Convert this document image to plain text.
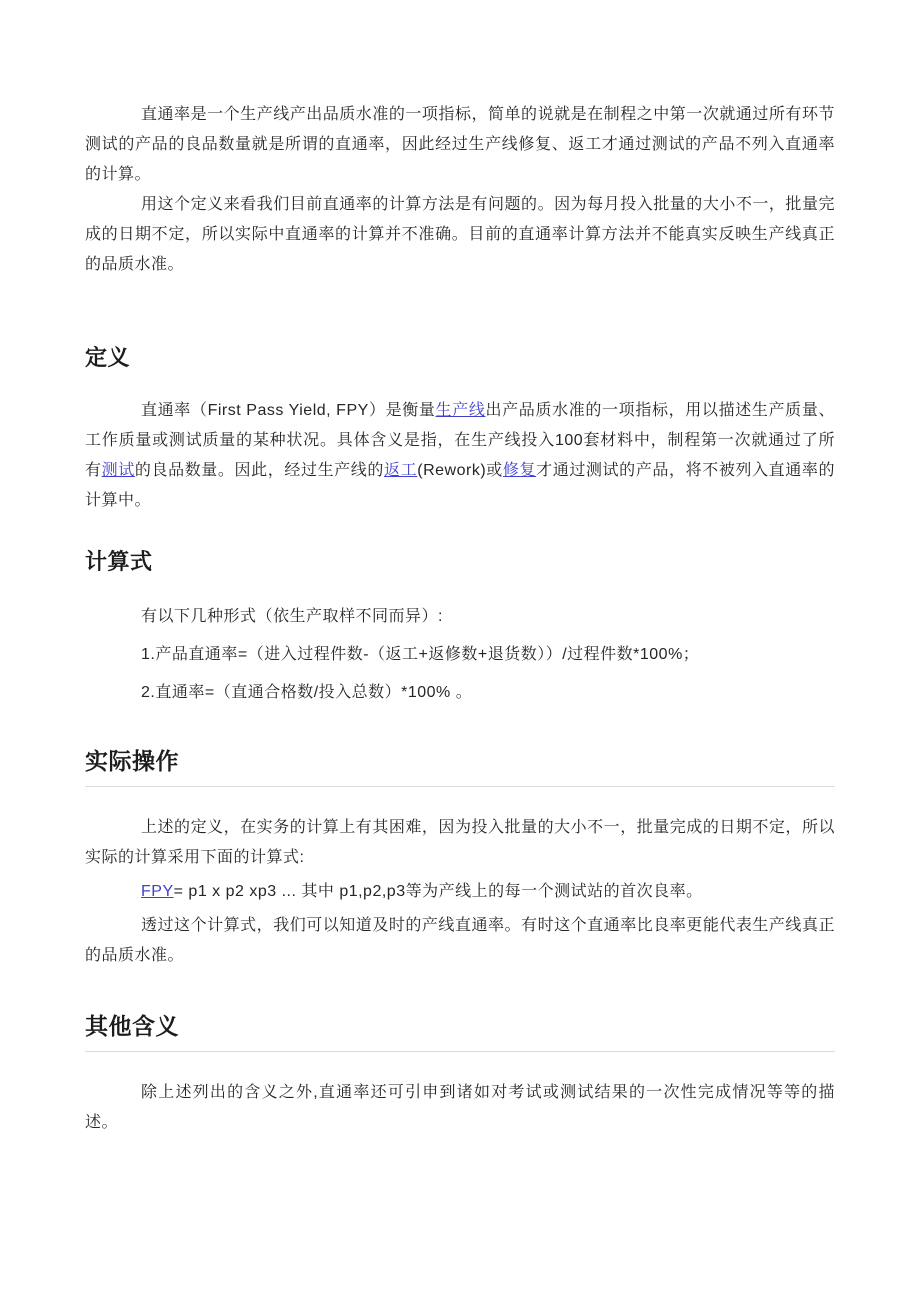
直通率是一个生产线产出品质水准的一项指标，简单的说就是在制程之中第一次就通过所有环节测试的产品的良品数量就是所谓的直通率，因此经过生产线修复、返工才通过测试的产品不列入直通率的计算。

用这个定义来看我们目前直通率的计算方法是有问题的。因为每月投入批量的大小不一，批量完成的日期不定，所以实际中直通率的计算并不准确。目前的直通率计算方法并不能真实反映生产线真正的品质水准。

定义

直通率（First Pass Yield, FPY）是衡量生产线出产品质水准的一项指标，用以描述生产质量、工作质量或测试质量的某种状况。具体含义是指，在生产线投入100套材料中，制程第一次就通过了所有测试的良品数量。因此，经过生产线的返工(Rework)或修复才通过测试的产品，将不被列入直通率的计算中。

计算式

有以下几种形式（依生产取样不同而异）:

1.产品直通率=（进入过程件数-（返工+返修数+退货数））/过程件数*100%；

2.直通率=（直通合格数/投入总数）*100% 。

实际操作

上述的定义，在实务的计算上有其困难，因为投入批量的大小不一，批量完成的日期不定，所以实际的计算采用下面的计算式:

FPY= p1 x p2 xp3 ... 其中 p1,p2,p3等为产线上的每一个测试站的首次良率。

透过这个计算式，我们可以知道及时的产线直通率。有时这个直通率比良率更能代表生产线真正的品质水准。

其他含义

除上述列出的含义之外,直通率还可引申到诸如对考试或测试结果的一次性完成情况等等的描述。
